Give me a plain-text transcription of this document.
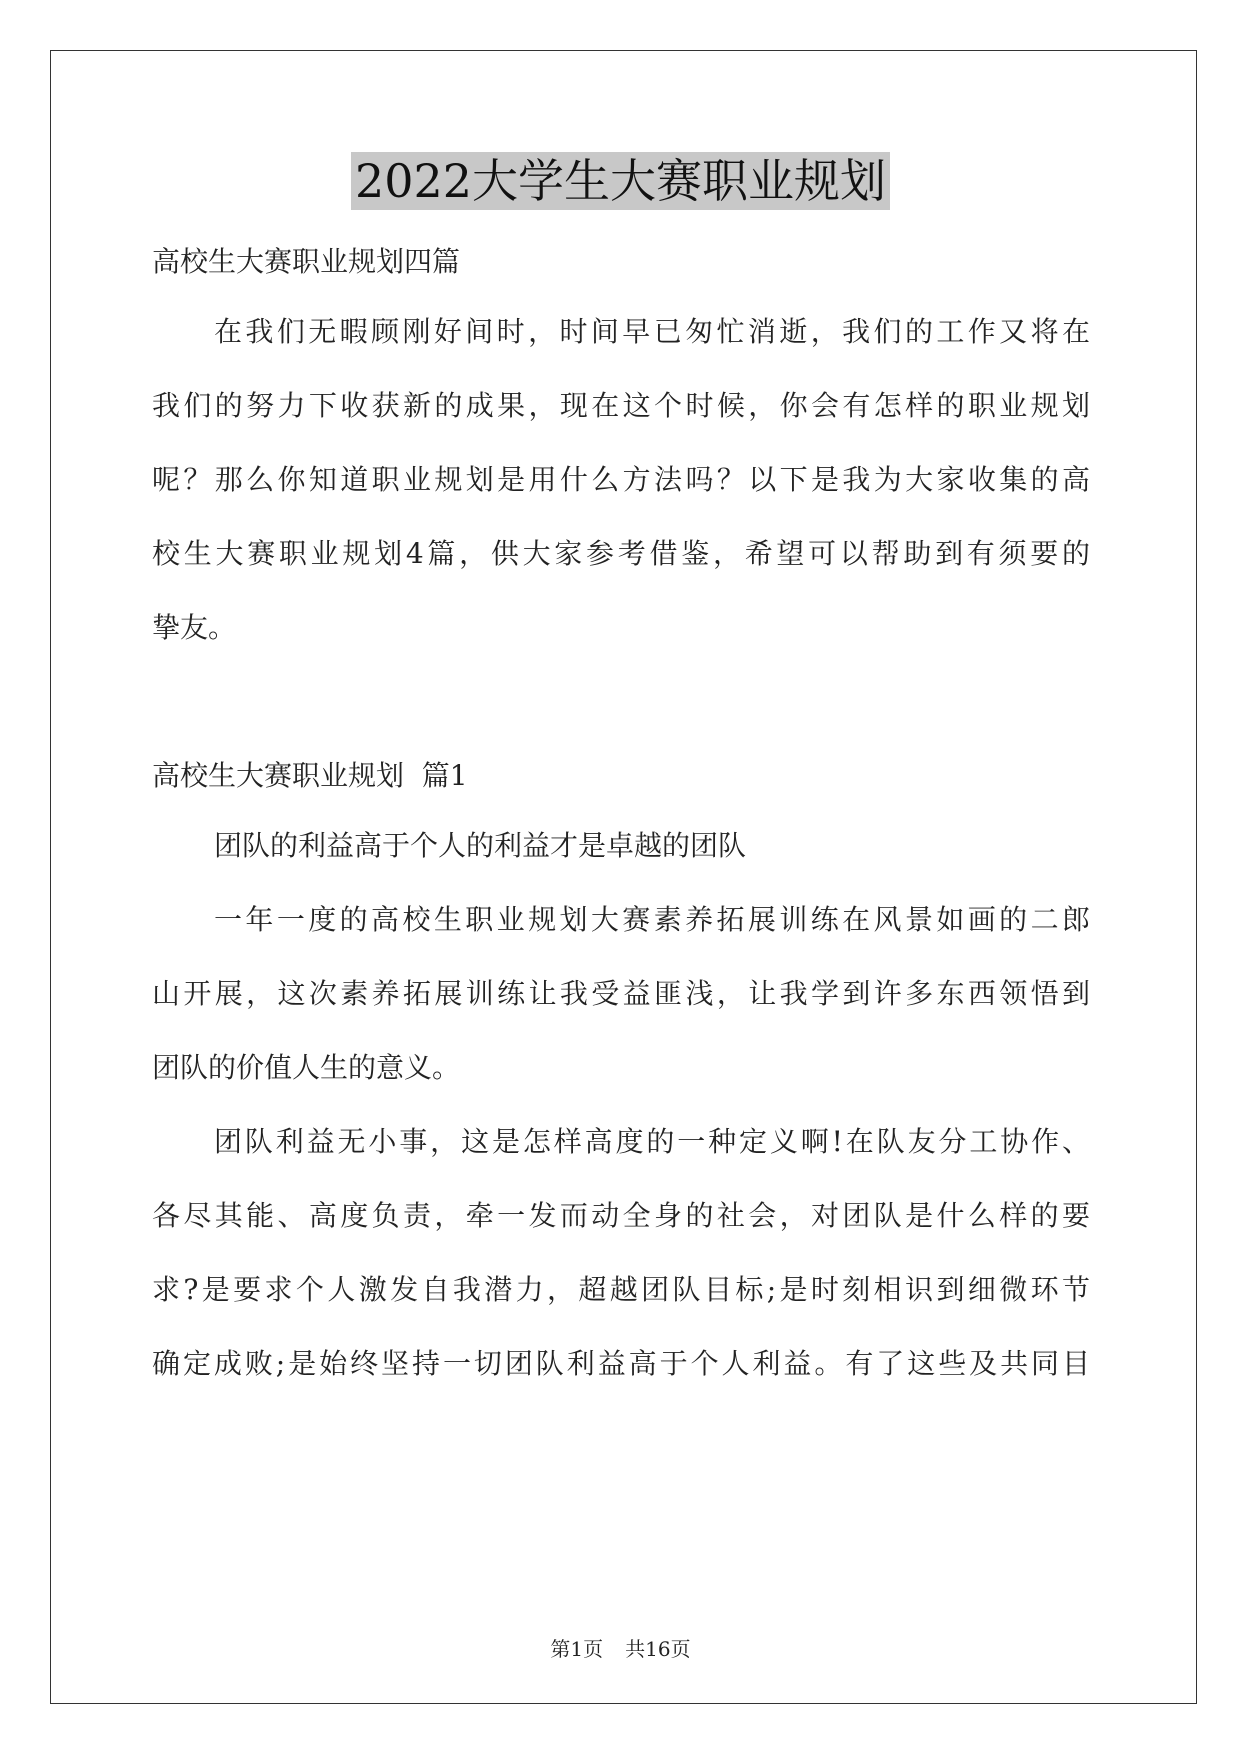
2022大学生大赛职业规划
高校生大赛职业规划四篇
在我们无暇顾刚好间时，时间早已匆忙消逝，我们的工作又将在
我们的努力下收获新的成果，现在这个时候，你会有怎样的职业规划
呢？那么你知道职业规划是用什么方法吗？以下是我为大家收集的高
校生大赛职业规划4篇，供大家参考借鉴，希望可以帮助到有须要的
挚友。
高校生大赛职业规划  篇1
团队的利益高于个人的利益才是卓越的团队
一年一度的高校生职业规划大赛素养拓展训练在风景如画的二郎
山开展，这次素养拓展训练让我受益匪浅，让我学到许多东西领悟到
团队的价值人生的意义。
团队利益无小事，这是怎样高度的一种定义啊!在队友分工协作、
各尽其能、高度负责，牵一发而动全身的社会，对团队是什么样的要
求?是要求个人激发自我潜力，超越团队目标;是时刻相识到细微环节
确定成败;是始终坚持一切团队利益高于个人利益。有了这些及共同目
第1页 共16页
